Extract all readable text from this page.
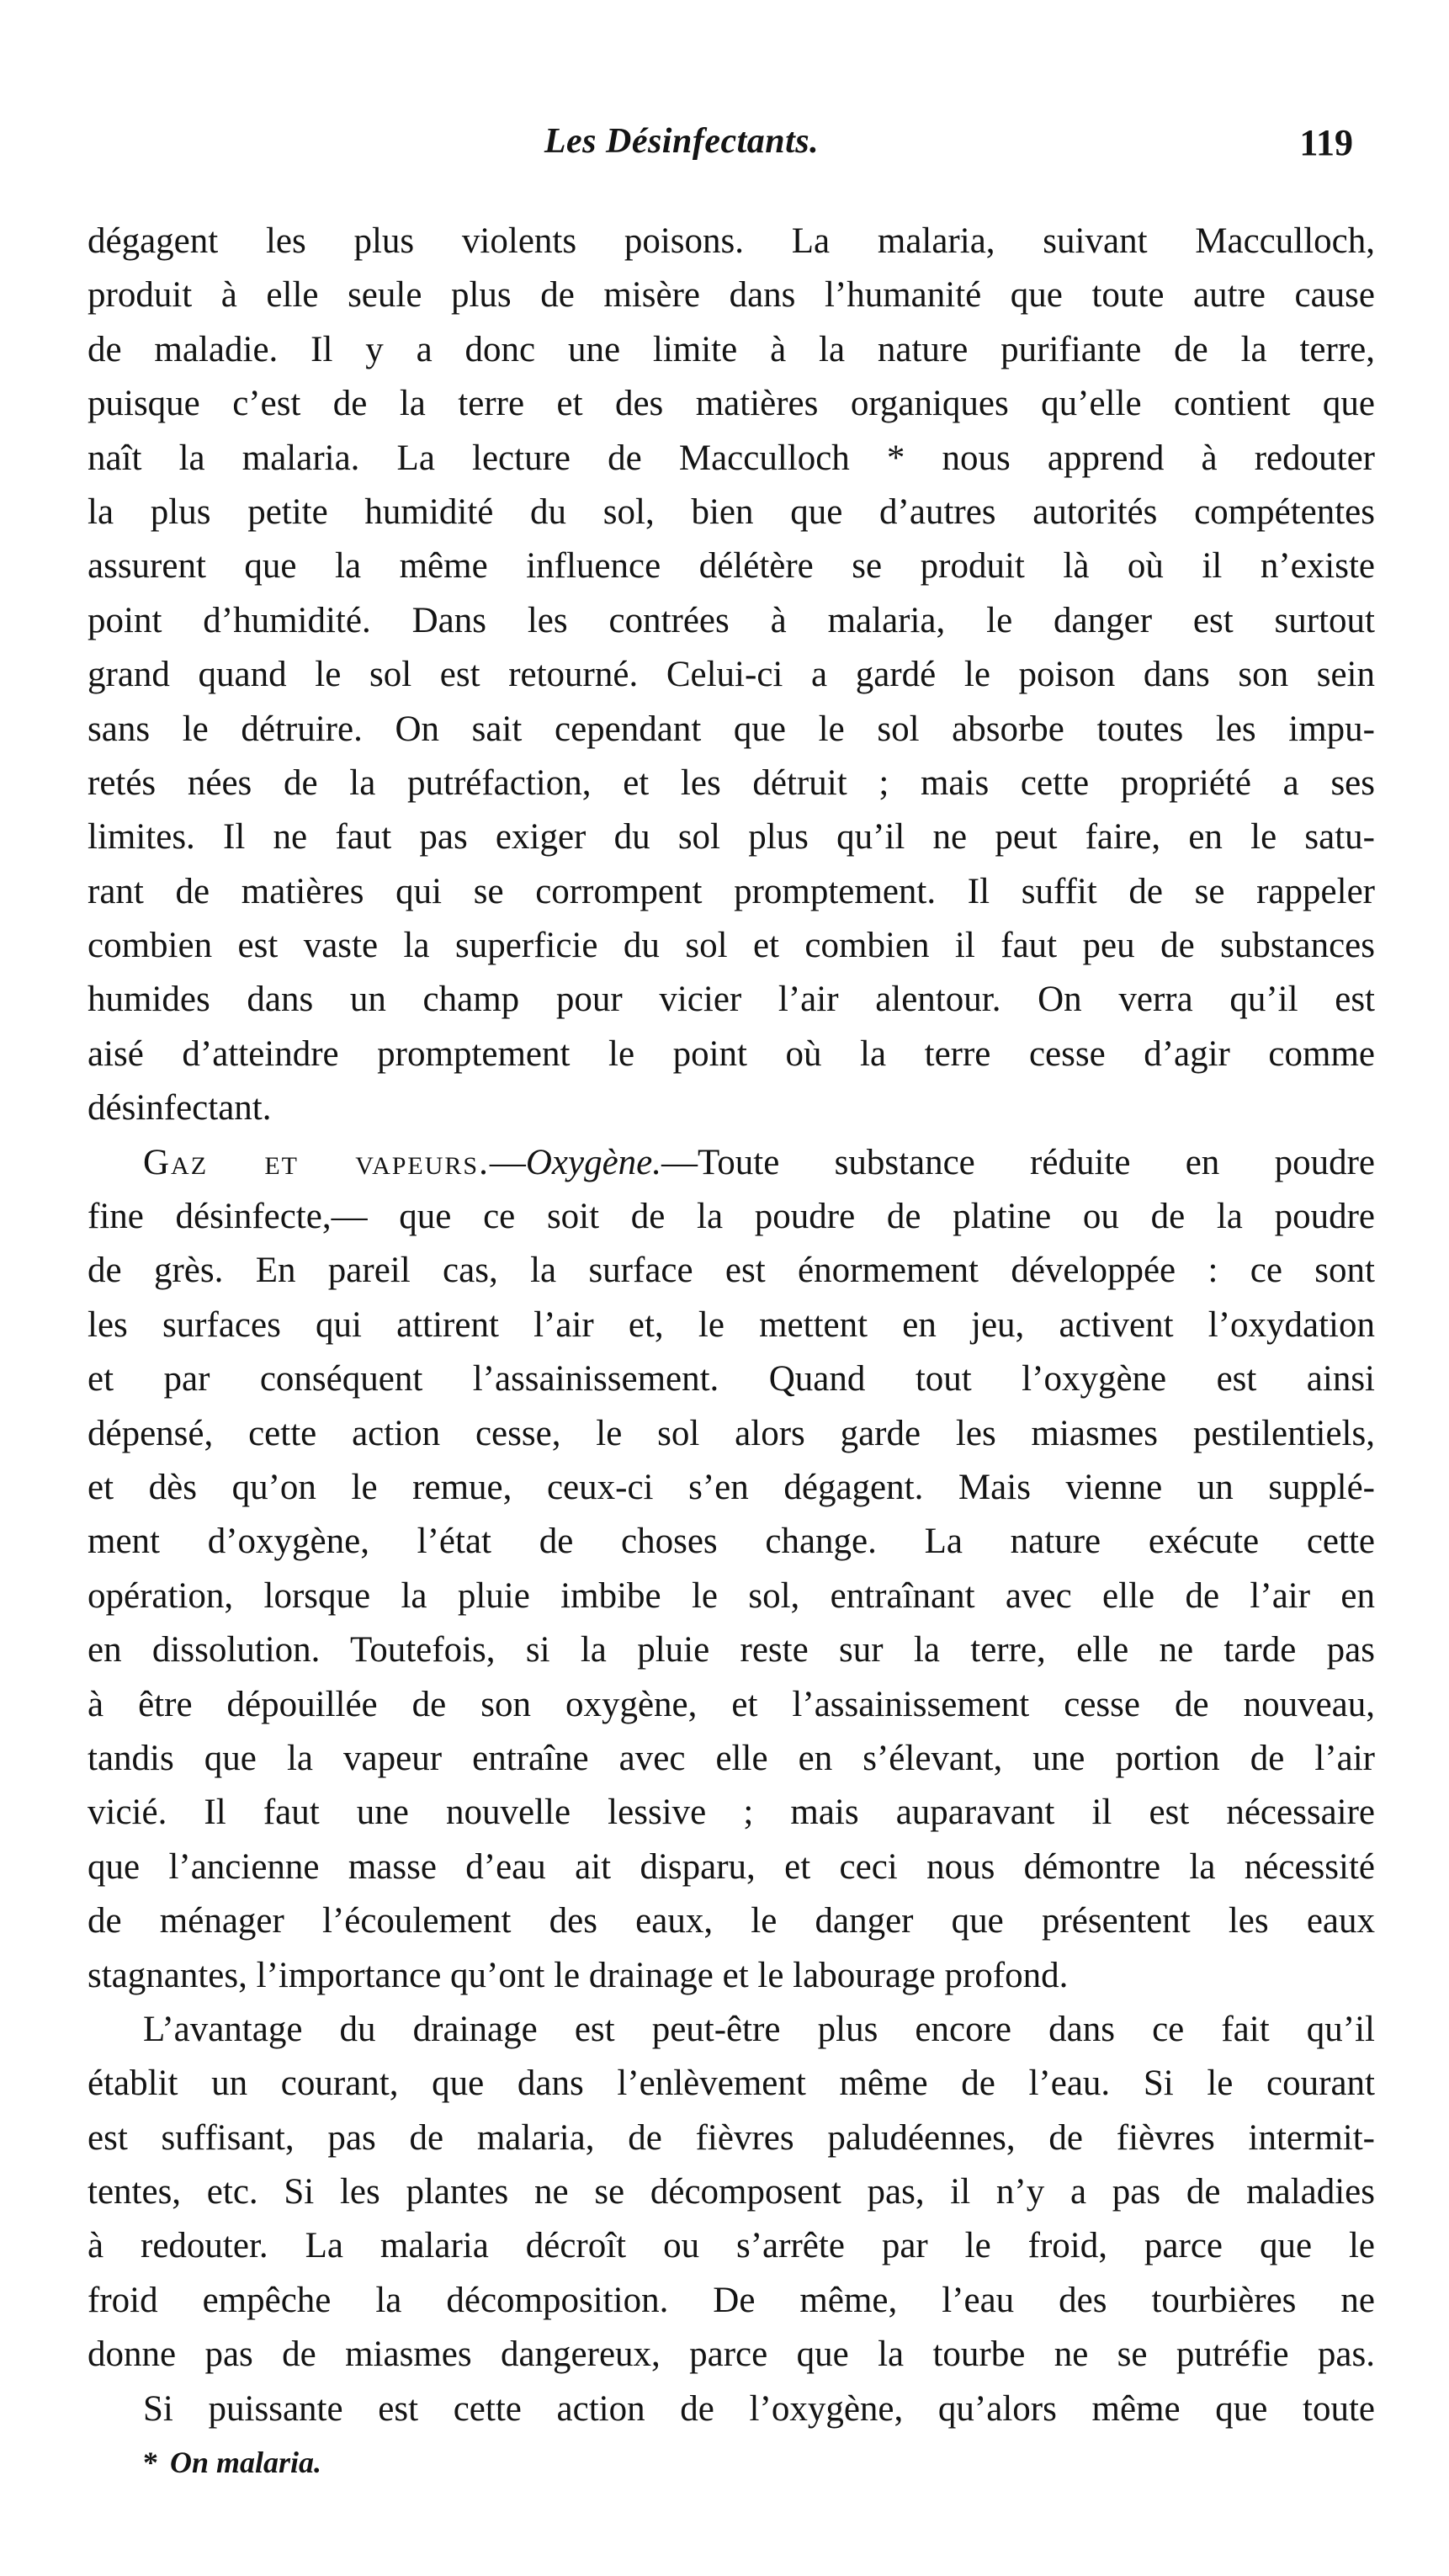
Les Désinfectants.	119
dégagent les plus violents poisons. La malaria, suivant Macculloch,
produit à elle seule plus de misère dans l’humanité que toute autre cause
de maladie. Il y a donc une limite à la nature purifiante de la terre,
puisque c’est de la terre et des matières organiques qu’elle contient que
naît la malaria. La lecture de Macculloch * nous apprend à redouter
la plus petite humidité du sol, bien que d’autres autorités compétentes
assurent que la même influence délétère se produit là où il n’existe
point d’humidité. Dans les contrées à malaria, le danger est surtout
grand quand le sol est retourné. Celui-ci a gardé le poison dans son sein
sans le détruire. On sait cependant que le sol absorbe toutes les impu-
retés nées de la putréfaction, et les détruit ; mais cette propriété a ses
limites. Il ne faut pas exiger du sol plus qu’il ne peut faire, en le satu-
rant de matières qui se corrompent promptement. Il suffit de se rappeler
combien est vaste la superficie du sol et combien il faut peu de substances
humides dans un champ pour vicier l’air alentour. On verra qu’il est
aisé d’atteindre promptement le point où la terre cesse d’agir comme
désinfectant.
Gaz et vapeurs.—Oxygène.—Toute substance réduite en poudre
fine désinfecte,— que ce soit de la poudre de platine ou de la poudre
de grès. En pareil cas, la surface est énormement développée : ce sont
les surfaces qui attirent l’air et, le mettent en jeu, activent l’oxydation
et par conséquent l’assainissement. Quand tout l’oxygène est ainsi
dépensé, cette action cesse, le sol alors garde les miasmes pestilentiels,
et dès qu’on le remue, ceux-ci s’en dégagent. Mais vienne un supplé-
ment d’oxygène, l’état de choses change. La nature exécute cette
opération, lorsque la pluie imbibe le sol, entraînant avec elle de l’air en
en dissolution. Toutefois, si la pluie reste sur la terre, elle ne tarde pas
à être dépouillée de son oxygène, et l’assainissement cesse de nouveau,
tandis que la vapeur entraîne avec elle en s’élevant, une portion de l’air
vicié. Il faut une nouvelle lessive ; mais auparavant il est nécessaire
que l’ancienne masse d’eau ait disparu, et ceci nous démontre la nécessité
de ménager l’écoulement des eaux, le danger que présentent les eaux
stagnantes, l’importance qu’ont le drainage et le labourage profond.
L’avantage du drainage est peut-être plus encore dans ce fait qu’il
établit un courant, que dans l’enlèvement même de l’eau. Si le courant
est suffisant, pas de malaria, de fièvres paludéennes, de fièvres intermit-
tentes, etc. Si les plantes ne se décomposent pas, il n’y a pas de maladies
à redouter. La malaria décroît ou s’arrête par le froid, parce que le
froid empêche la décomposition. De même, l’eau des tourbières ne
donne pas de miasmes dangereux, parce que la tourbe ne se putréfie pas.
Si puissante est cette action de l’oxygène, qu’alors même que toute
* On malaria.
